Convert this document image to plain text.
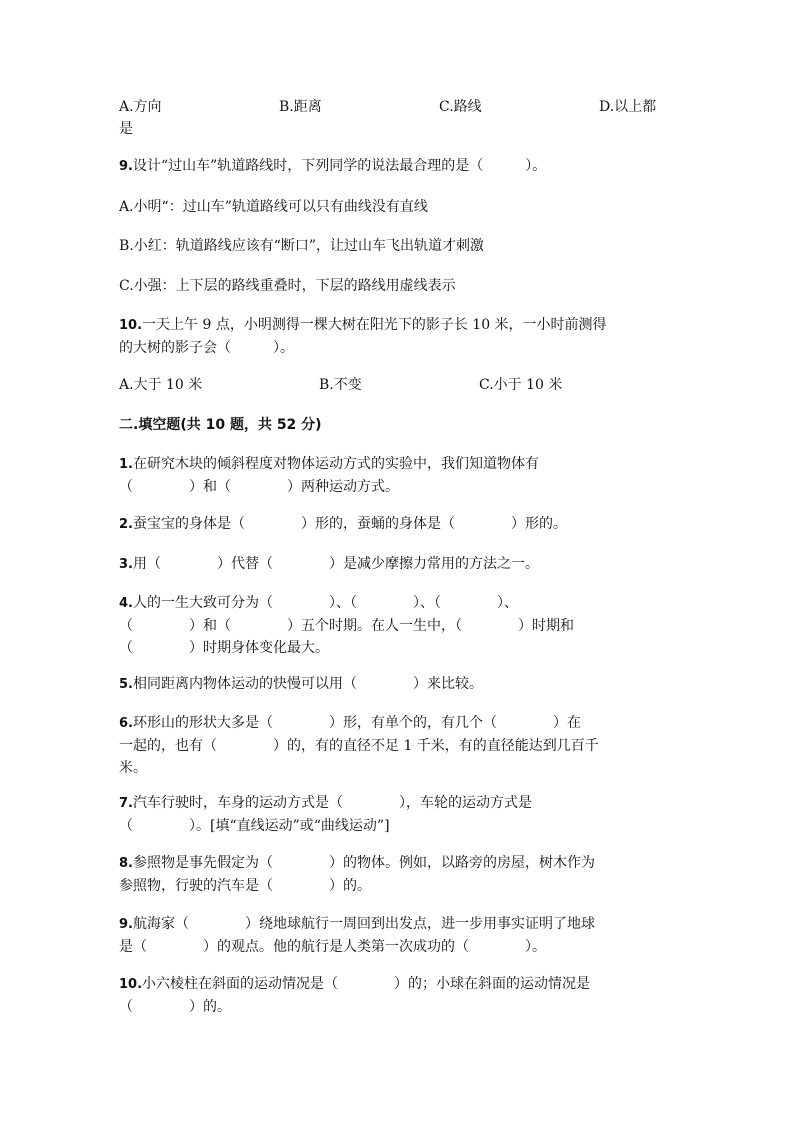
A.方向	B.距离	C.路线	D.以上都
是
9.设计“过山车”轨道路线时，下列同学的说法最合理的是（　　　）。
A.小明“：过山车”轨道路线可以只有曲线没有直线
B.小红：轨道路线应该有“断口”，让过山车飞出轨道才刺激
C.小强：上下层的路线重叠时，下层的路线用虚线表示
10.一天上午 9 点，小明测得一棵大树在阳光下的影子长 10 米，一小时前测得
的大树的影子会（　　　）。
A.大于 10 米	B.不变	C.小于 10 米
二.填空题(共 10 题，共 52 分)
1.在研究木块的倾斜程度对物体运动方式的实验中，我们知道物体有
（　　　　）和（　　　　）两种运动方式。
2.蚕宝宝的身体是（　　　　）形的，蚕蛹的身体是（　　　　）形的。
3.用（　　　　）代替（　　　　）是减少摩擦力常用的方法之一。
4.人的一生大致可分为（　　　　）、（　　　　）、（　　　　）、
（　　　　）和（　　　　）五个时期。在人一生中，（　　　　）时期和
（　　　　）时期身体变化最大。
5.相同距离内物体运动的快慢可以用（　　　　）来比较。
6.环形山的形状大多是（　　　　）形，有单个的，有几个（　　　　）在
一起的，也有（　　　　）的，有的直径不足 1 千米，有的直径能达到几百千
米。
7.汽车行驶时，车身的运动方式是（　　　　），车轮的运动方式是
（　　　　）。[填“直线运动”或“曲线运动”]
8.参照物是事先假定为（　　　　）的物体。例如，以路旁的房屋，树木作为
参照物，行驶的汽车是（　　　　）的。
9.航海家（　　　　）绕地球航行一周回到出发点，进一步用事实证明了地球
是（　　　　）的观点。他的航行是人类第一次成功的（　　　　）。
10.小六棱柱在斜面的运动情况是（　　　　）的；小球在斜面的运动情况是
（　　　　）的。
